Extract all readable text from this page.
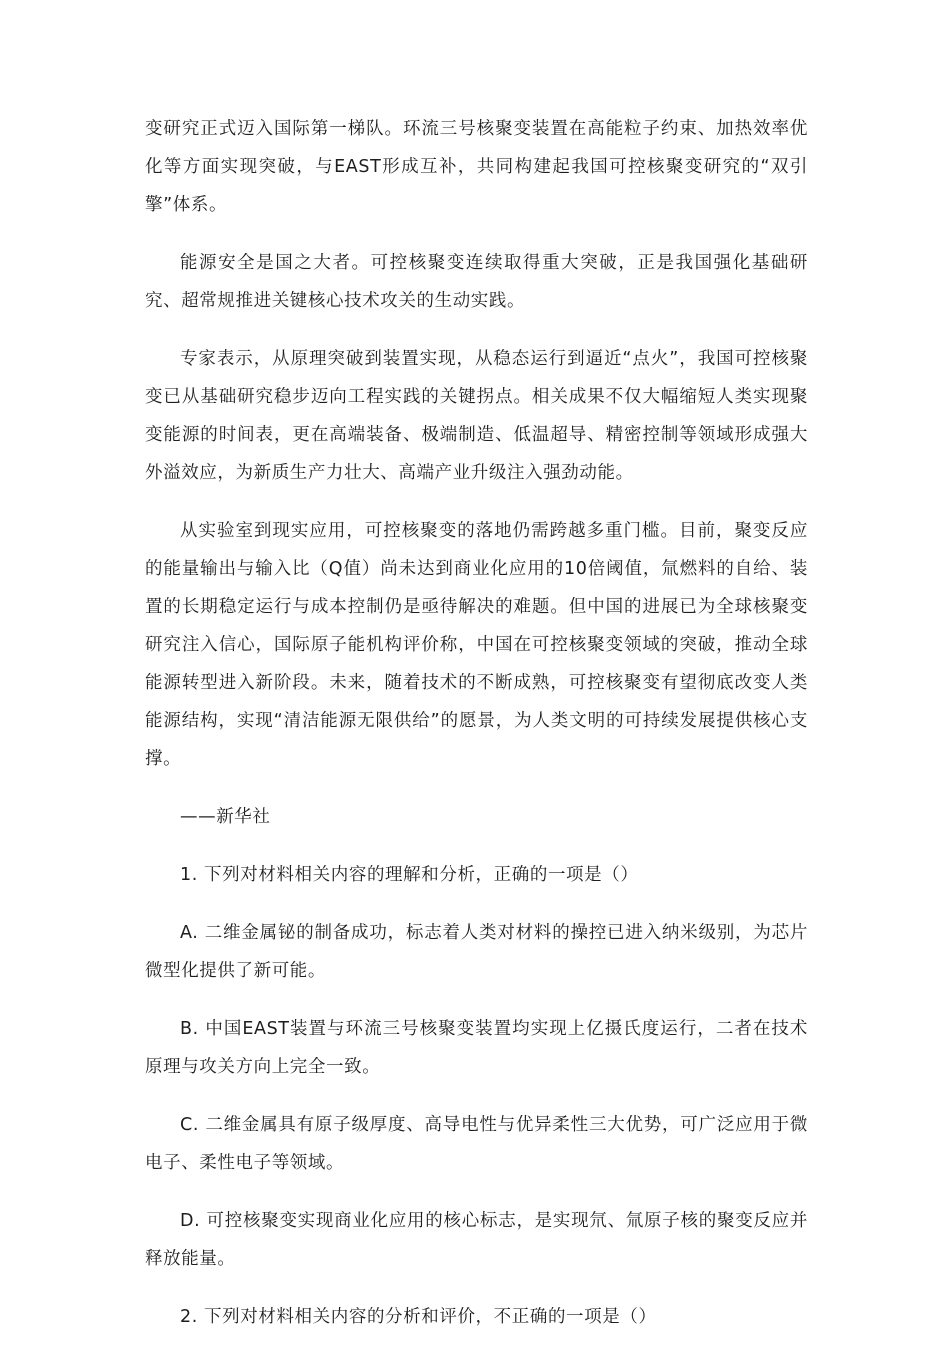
变研究正式迈入国际第一梯队。环流三号核聚变装置在高能粒子约束、加热效率优化等方面实现突破，与EAST形成互补，共同构建起我国可控核聚变研究的“双引擎”体系。

能源安全是国之大者。可控核聚变连续取得重大突破，正是我国强化基础研究、超常规推进关键核心技术攻关的生动实践。

专家表示，从原理突破到装置实现，从稳态运行到逼近“点火”，我国可控核聚变已从基础研究稳步迈向工程实践的关键拐点。相关成果不仅大幅缩短人类实现聚变能源的时间表，更在高端装备、极端制造、低温超导、精密控制等领域形成强大外溢效应，为新质生产力壮大、高端产业升级注入强劲动能。

从实验室到现实应用，可控核聚变的落地仍需跨越多重门槛。目前，聚变反应的能量输出与输入比（Q值）尚未达到商业化应用的10倍阈值，氚燃料的自给、装置的长期稳定运行与成本控制仍是亟待解决的难题。但中国的进展已为全球核聚变研究注入信心，国际原子能机构评价称，中国在可控核聚变领域的突破，推动全球能源转型进入新阶段。未来，随着技术的不断成熟，可控核聚变有望彻底改变人类能源结构，实现“清洁能源无限供给”的愿景，为人类文明的可持续发展提供核心支撑。

——新华社

1. 下列对材料相关内容的理解和分析，正确的一项是（）

A. 二维金属铋的制备成功，标志着人类对材料的操控已进入纳米级别，为芯片微型化提供了新可能。

B. 中国EAST装置与环流三号核聚变装置均实现上亿摄氏度运行，二者在技术原理与攻关方向上完全一致。

C. 二维金属具有原子级厚度、高导电性与优异柔性三大优势，可广泛应用于微电子、柔性电子等领域。

D. 可控核聚变实现商业化应用的核心标志，是实现氘、氚原子核的聚变反应并释放能量。

2. 下列对材料相关内容的分析和评价，不正确的一项是（）
